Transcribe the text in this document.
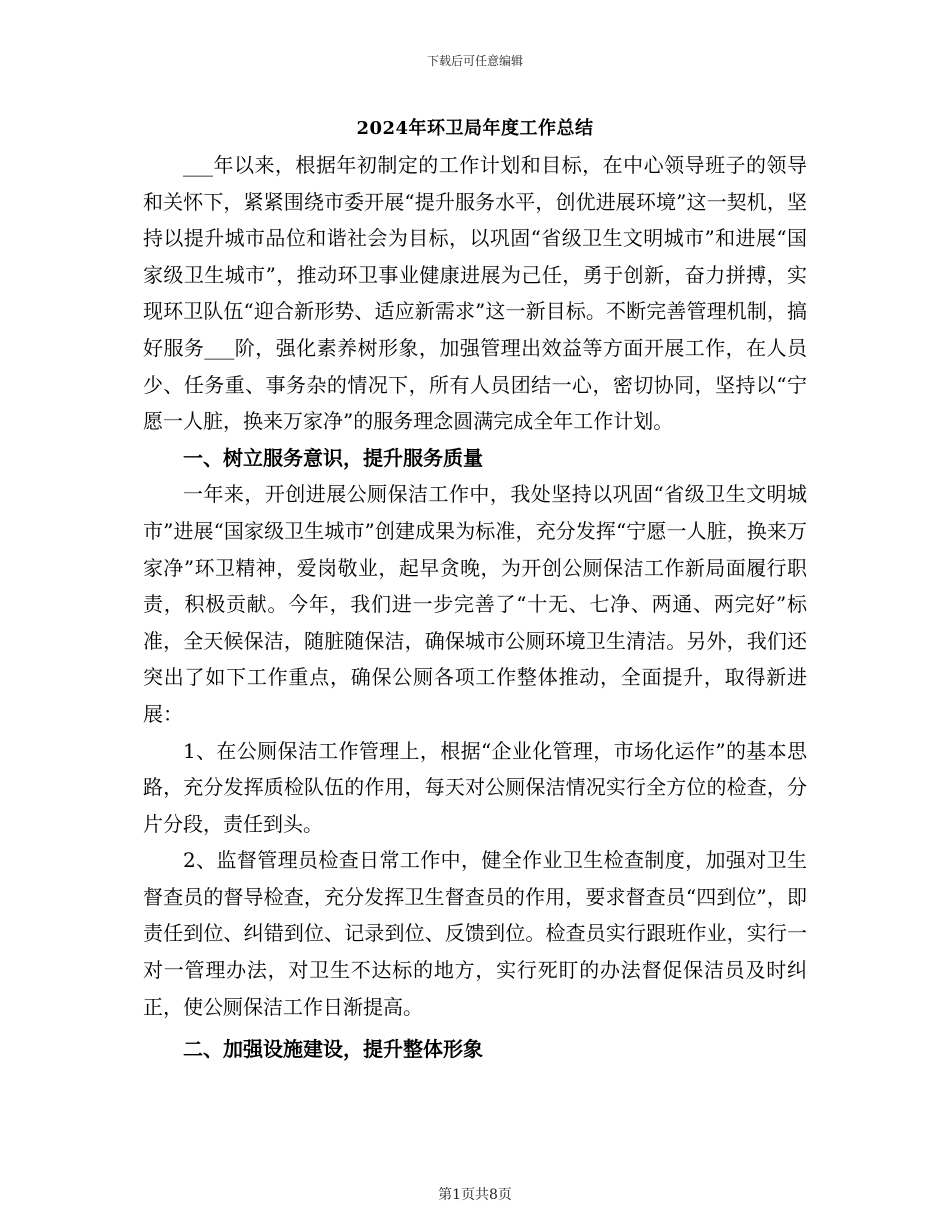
下载后可任意编辑
2024年环卫局年度工作总结

___年以来，根据年初制定的工作计划和目标，在中心领导班子的领导和关怀下，紧紧围绕市委开展“提升服务水平，创优进展环境”这一契机，坚持以提升城市品位和谐社会为目标，以巩固“省级卫生文明城市”和进展“国家级卫生城市”，推动环卫事业健康进展为己任，勇于创新，奋力拼搏，实现环卫队伍“迎合新形势、适应新需求”这一新目标。不断完善管理机制，搞好服务___阶，强化素养树形象，加强管理出效益等方面开展工作，在人员少、任务重、事务杂的情况下，所有人员团结一心，密切协同，坚持以“宁愿一人脏，换来万家净”的服务理念圆满完成全年工作计划。

一、树立服务意识，提升服务质量

一年来，开创进展公厕保洁工作中，我处坚持以巩固“省级卫生文明城市”进展“国家级卫生城市”创建成果为标准，充分发挥“宁愿一人脏，换来万家净”环卫精神，爱岗敬业，起早贪晚，为开创公厕保洁工作新局面履行职责，积极贡献。今年，我们进一步完善了“十无、七净、两通、两完好”标准，全天候保洁，随脏随保洁，确保城市公厕环境卫生清洁。另外，我们还突出了如下工作重点，确保公厕各项工作整体推动，全面提升，取得新进展：

1、在公厕保洁工作管理上，根据“企业化管理，市场化运作”的基本思路，充分发挥质检队伍的作用，每天对公厕保洁情况实行全方位的检查，分片分段，责任到头。

2、监督管理员检查日常工作中，健全作业卫生检查制度，加强对卫生督查员的督导检查，充分发挥卫生督查员的作用，要求督查员“四到位”，即责任到位、纠错到位、记录到位、反馈到位。检查员实行跟班作业，实行一对一管理办法，对卫生不达标的地方，实行死盯的办法督促保洁员及时纠正，使公厕保洁工作日渐提高。

二、加强设施建设，提升整体形象
第1页共8页
